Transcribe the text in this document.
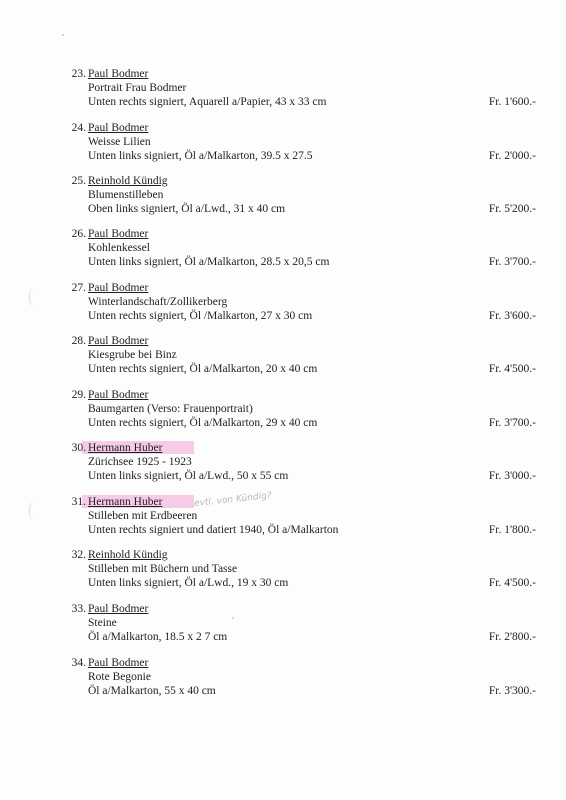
23. Paul Bodmer
Portrait Frau Bodmer
Unten rechts signiert, Aquarell a/Papier, 43 x 33 cm	Fr. 1'600.-
24. Paul Bodmer
Weisse Lilien
Unten links signiert, Öl a/Malkarton, 39.5 x 27.5	Fr. 2'000.-
25. Reinhold Kündig
Blumenstilleben
Oben links signiert, Öl a/Lwd., 31 x 40 cm	Fr. 5'200.-
26. Paul Bodmer
Kohlenkessel
Unten links signiert, Öl a/Malkarton, 28.5 x 20,5 cm	Fr. 3'700.-
27. Paul Bodmer
Winterlandschaft/Zollikerberg
Unten rechts signiert, Öl /Malkarton, 27 x 30 cm	Fr. 3'600.-
28. Paul Bodmer
Kiesgrube bei Binz
Unten rechts signiert, Öl a/Malkarton, 20 x 40 cm	Fr. 4'500.-
29. Paul Bodmer
Baumgarten (Verso: Frauenportrait)
Unten rechts signiert, Öl a/Malkarton, 29 x 40 cm	Fr. 3'700.-
30. Hermann Huber
Zürichsee 1925 - 1923
Unten links signiert, Öl a/Lwd., 50 x 55 cm	Fr. 3'000.-
31. Hermann Huber	evtl. von Kündig?
Stilleben mit Erdbeeren
Unten rechts signiert und datiert 1940, Öl a/Malkarton	Fr. 1'800.-
32. Reinhold Kündig
Stilleben mit Büchern und Tasse
Unten links signiert, Öl a/Lwd., 19 x 30 cm	Fr. 4'500.-
33. Paul Bodmer
Steine
Öl a/Malkarton, 18.5 x 2 7 cm	Fr. 2'800.-
34. Paul Bodmer
Rote Begonie
Öl a/Malkarton, 55 x 40 cm	Fr. 3'300.-
